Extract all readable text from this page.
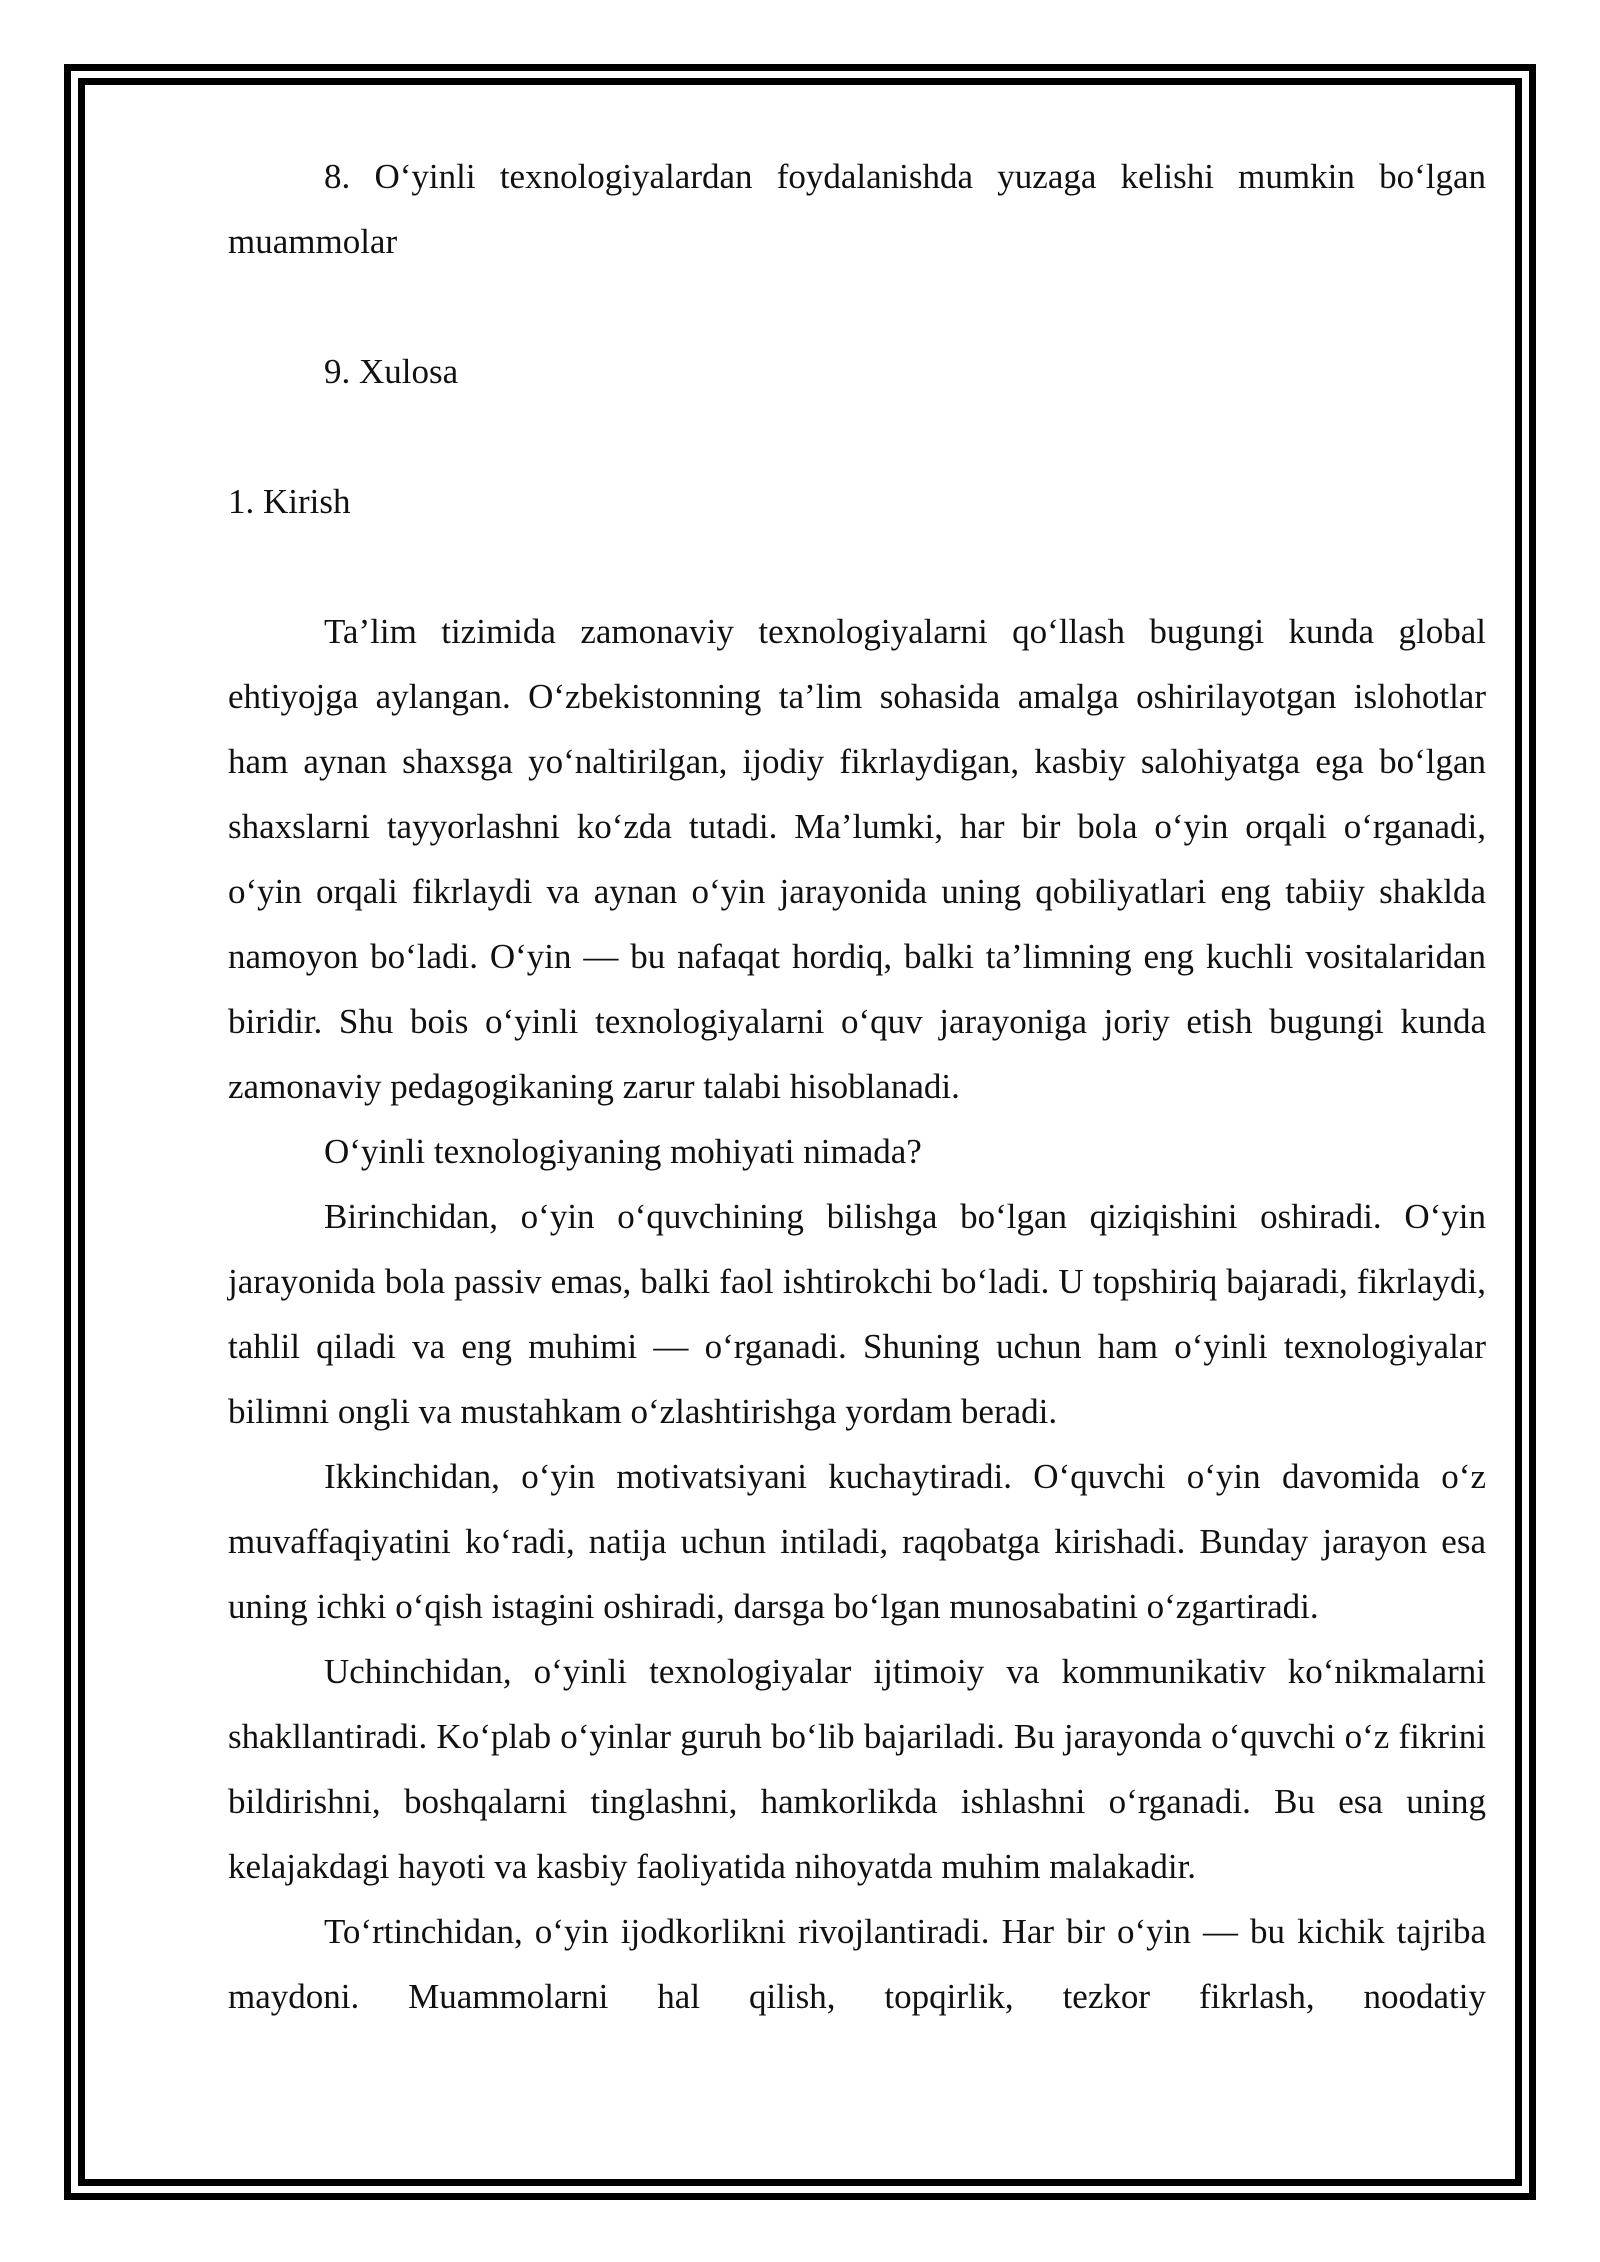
8. O‘yinli texnologiyalardan foydalanishda yuzaga kelishi mumkin bo‘lgan muammolar

9. Xulosa

1. Kirish

Ta’lim tizimida zamonaviy texnologiyalarni qo‘llash bugungi kunda global ehtiyojga aylangan. O‘zbekistonning ta’lim sohasida amalga oshirilayotgan islohotlar ham aynan shaxsga yo‘naltirilgan, ijodiy fikrlaydigan, kasbiy salohiyatga ega bo‘lgan shaxslarni tayyorlashni ko‘zda tutadi. Ma’lumki, har bir bola o‘yin orqali o‘rganadi, o‘yin orqali fikrlaydi va aynan o‘yin jarayonida uning qobiliyatlari eng tabiiy shaklda namoyon bo‘ladi. O‘yin — bu nafaqat hordiq, balki ta’limning eng kuchli vositalaridan biridir. Shu bois o‘yinli texnologiyalarni o‘quv jarayoniga joriy etish bugungi kunda zamonaviy pedagogikaning zarur talabi hisoblanadi.

O‘yinli texnologiyaning mohiyati nimada?

Birinchidan, o‘yin o‘quvchining bilishga bo‘lgan qiziqishini oshiradi. O‘yin jarayonida bola passiv emas, balki faol ishtirokchi bo‘ladi. U topshiriq bajaradi, fikrlaydi, tahlil qiladi va eng muhimi — o‘rganadi. Shuning uchun ham o‘yinli texnologiyalar bilimni ongli va mustahkam o‘zlashtirishga yordam beradi.

Ikkinchidan, o‘yin motivatsiyani kuchaytiradi. O‘quvchi o‘yin davomida o‘z muvaffaqiyatini ko‘radi, natija uchun intiladi, raqobatga kirishadi. Bunday jarayon esa uning ichki o‘qish istagini oshiradi, darsga bo‘lgan munosabatini o‘zgartiradi.

Uchinchidan, o‘yinli texnologiyalar ijtimoiy va kommunikativ ko‘nikmalarni shakllantiradi. Ko‘plab o‘yinlar guruh bo‘lib bajariladi. Bu jarayonda o‘quvchi o‘z fikrini bildirishni, boshqalarni tinglashni, hamkorlikda ishlashni o‘rganadi. Bu esa uning kelajakdagi hayoti va kasbiy faoliyatida nihoyatda muhim malakadir.

To‘rtinchidan, o‘yin ijodkorlikni rivojlantiradi. Har bir o‘yin — bu kichik tajriba maydoni. Muammolarni hal qilish, topqirlik, tezkor fikrlash, noodatiy
